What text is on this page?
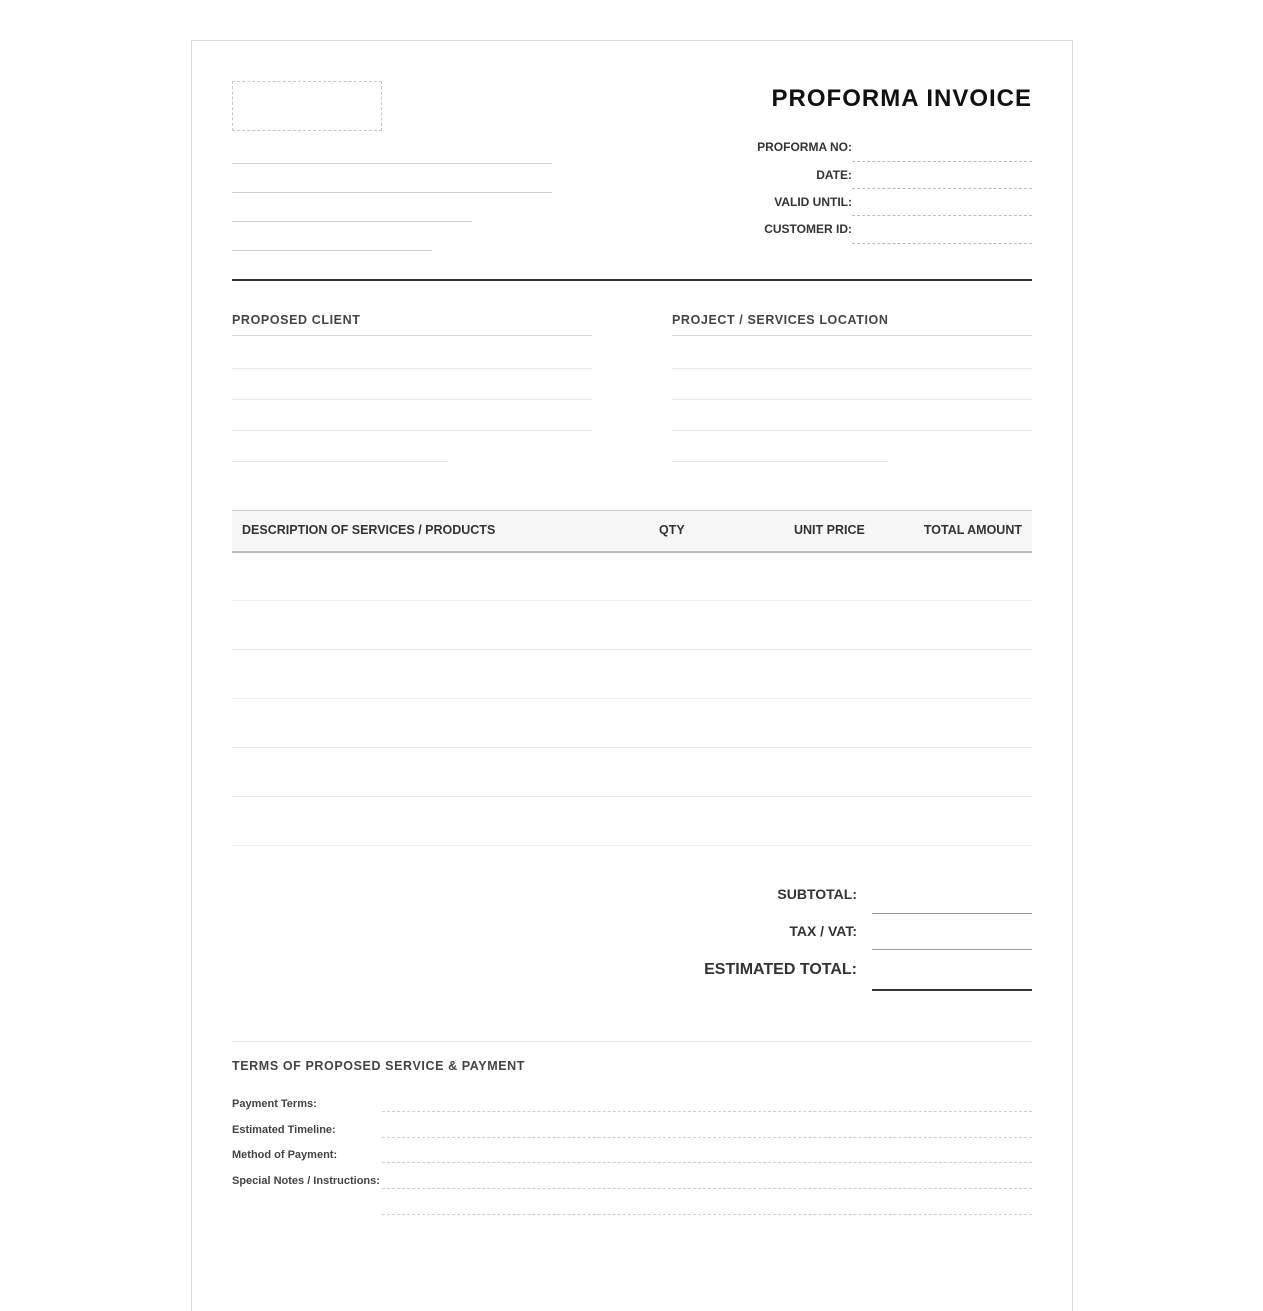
PROFORMA INVOICE
PROFORMA NO:
DATE:
VALID UNTIL:
CUSTOMER ID:
PROPOSED CLIENT	PROJECT / SERVICES LOCATION
DESCRIPTION OF SERVICES / PRODUCTS	QTY	UNIT PRICE	TOTAL AMOUNT
SUBTOTAL:
TAX / VAT:
ESTIMATED TOTAL:
TERMS OF PROPOSED SERVICE & PAYMENT
Payment Terms:
Estimated Timeline:
Method of Payment:
Special Notes / Instructions:
